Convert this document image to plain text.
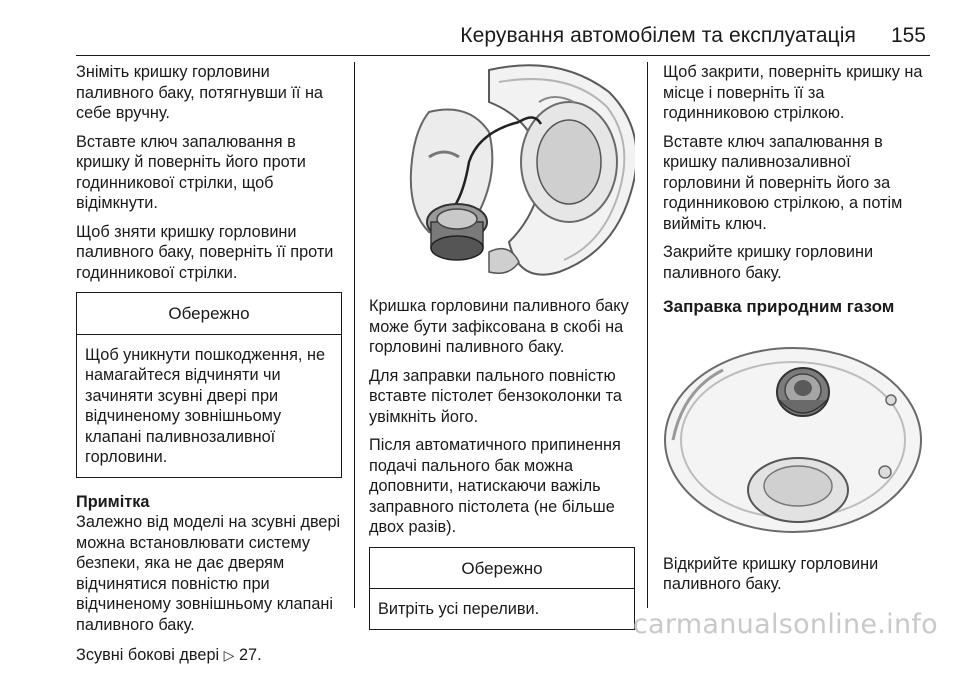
Керування автомобілем та експлуатація 155

Зніміть кришку горловини паливного баку, потягнувши її на себе вручну.

Вставте ключ запалювання в кришку й поверніть його проти годинникової стрілки, щоб відімкнути.

Щоб зняти кришку горловини паливного баку, поверніть її проти годинникової стрілки.

Обережно
Щоб уникнути пошкодження, не намагайтеся відчиняти чи зачиняти зсувні двері при відчиненому зовнішньому клапані паливнозаливної горловини.
Примітка

Залежно від моделі на зсувні двері можна встановлювати систему безпеки, яка не дає дверям відчинятися повністю при відчиненому зовнішньому клапані паливного баку.

Зсувні бокові двері ▷ 27.

Кришка горловини паливного баку може бути зафіксована в скобі на горловині паливного баку.

Для заправки пального повністю вставте пістолет бензоколонки та увімкніть його.

Після автоматичного припинення подачі пального бак можна доповнити, натискаючи важіль заправного пістолета (не більше двох разів).

Обережно
Витріть усі переливи.

Щоб закрити, поверніть кришку на місце і поверніть її за годинниковою стрілкою.

Вставте ключ запалювання в кришку паливнозаливної горловини й поверніть його за годинниковою стрілкою, а потім вийміть ключ.

Закрийте кришку горловини паливного баку.

Заправка природним газом

Відкрийте кришку горловини паливного баку.

carmanualsonline.info
